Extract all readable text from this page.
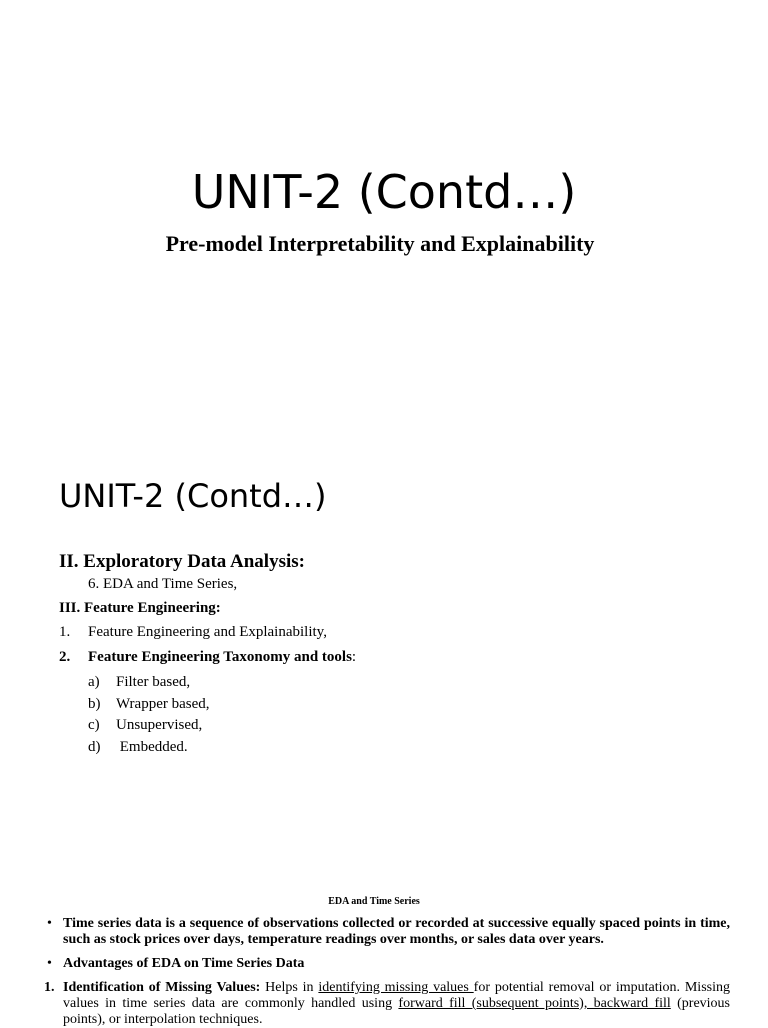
UNIT-2 (Contd…)
Pre-model Interpretability and Explainability
UNIT-2 (Contd…)

II. Exploratory Data Analysis:

6. EDA and Time Series,

III. Feature Engineering:

1.	Feature Engineering and Explainability,
2.	Feature Engineering Taxonomy and tools:
a)	Filter based,
b)	Wrapper based,
c)	Unsupervised,
d)	Embedded.
EDA and Time Series
• Time series data is a sequence of observations collected or recorded at successive equally spaced points in time, such as stock prices over days, temperature readings over months, or sales data over years.
• Advantages of EDA on Time Series Data
1. Identification of Missing Values: Helps in identifying missing values for potential removal or imputation. Missing values in time series data are commonly handled using forward fill (subsequent points), backward fill (previous points), or interpolation techniques.
